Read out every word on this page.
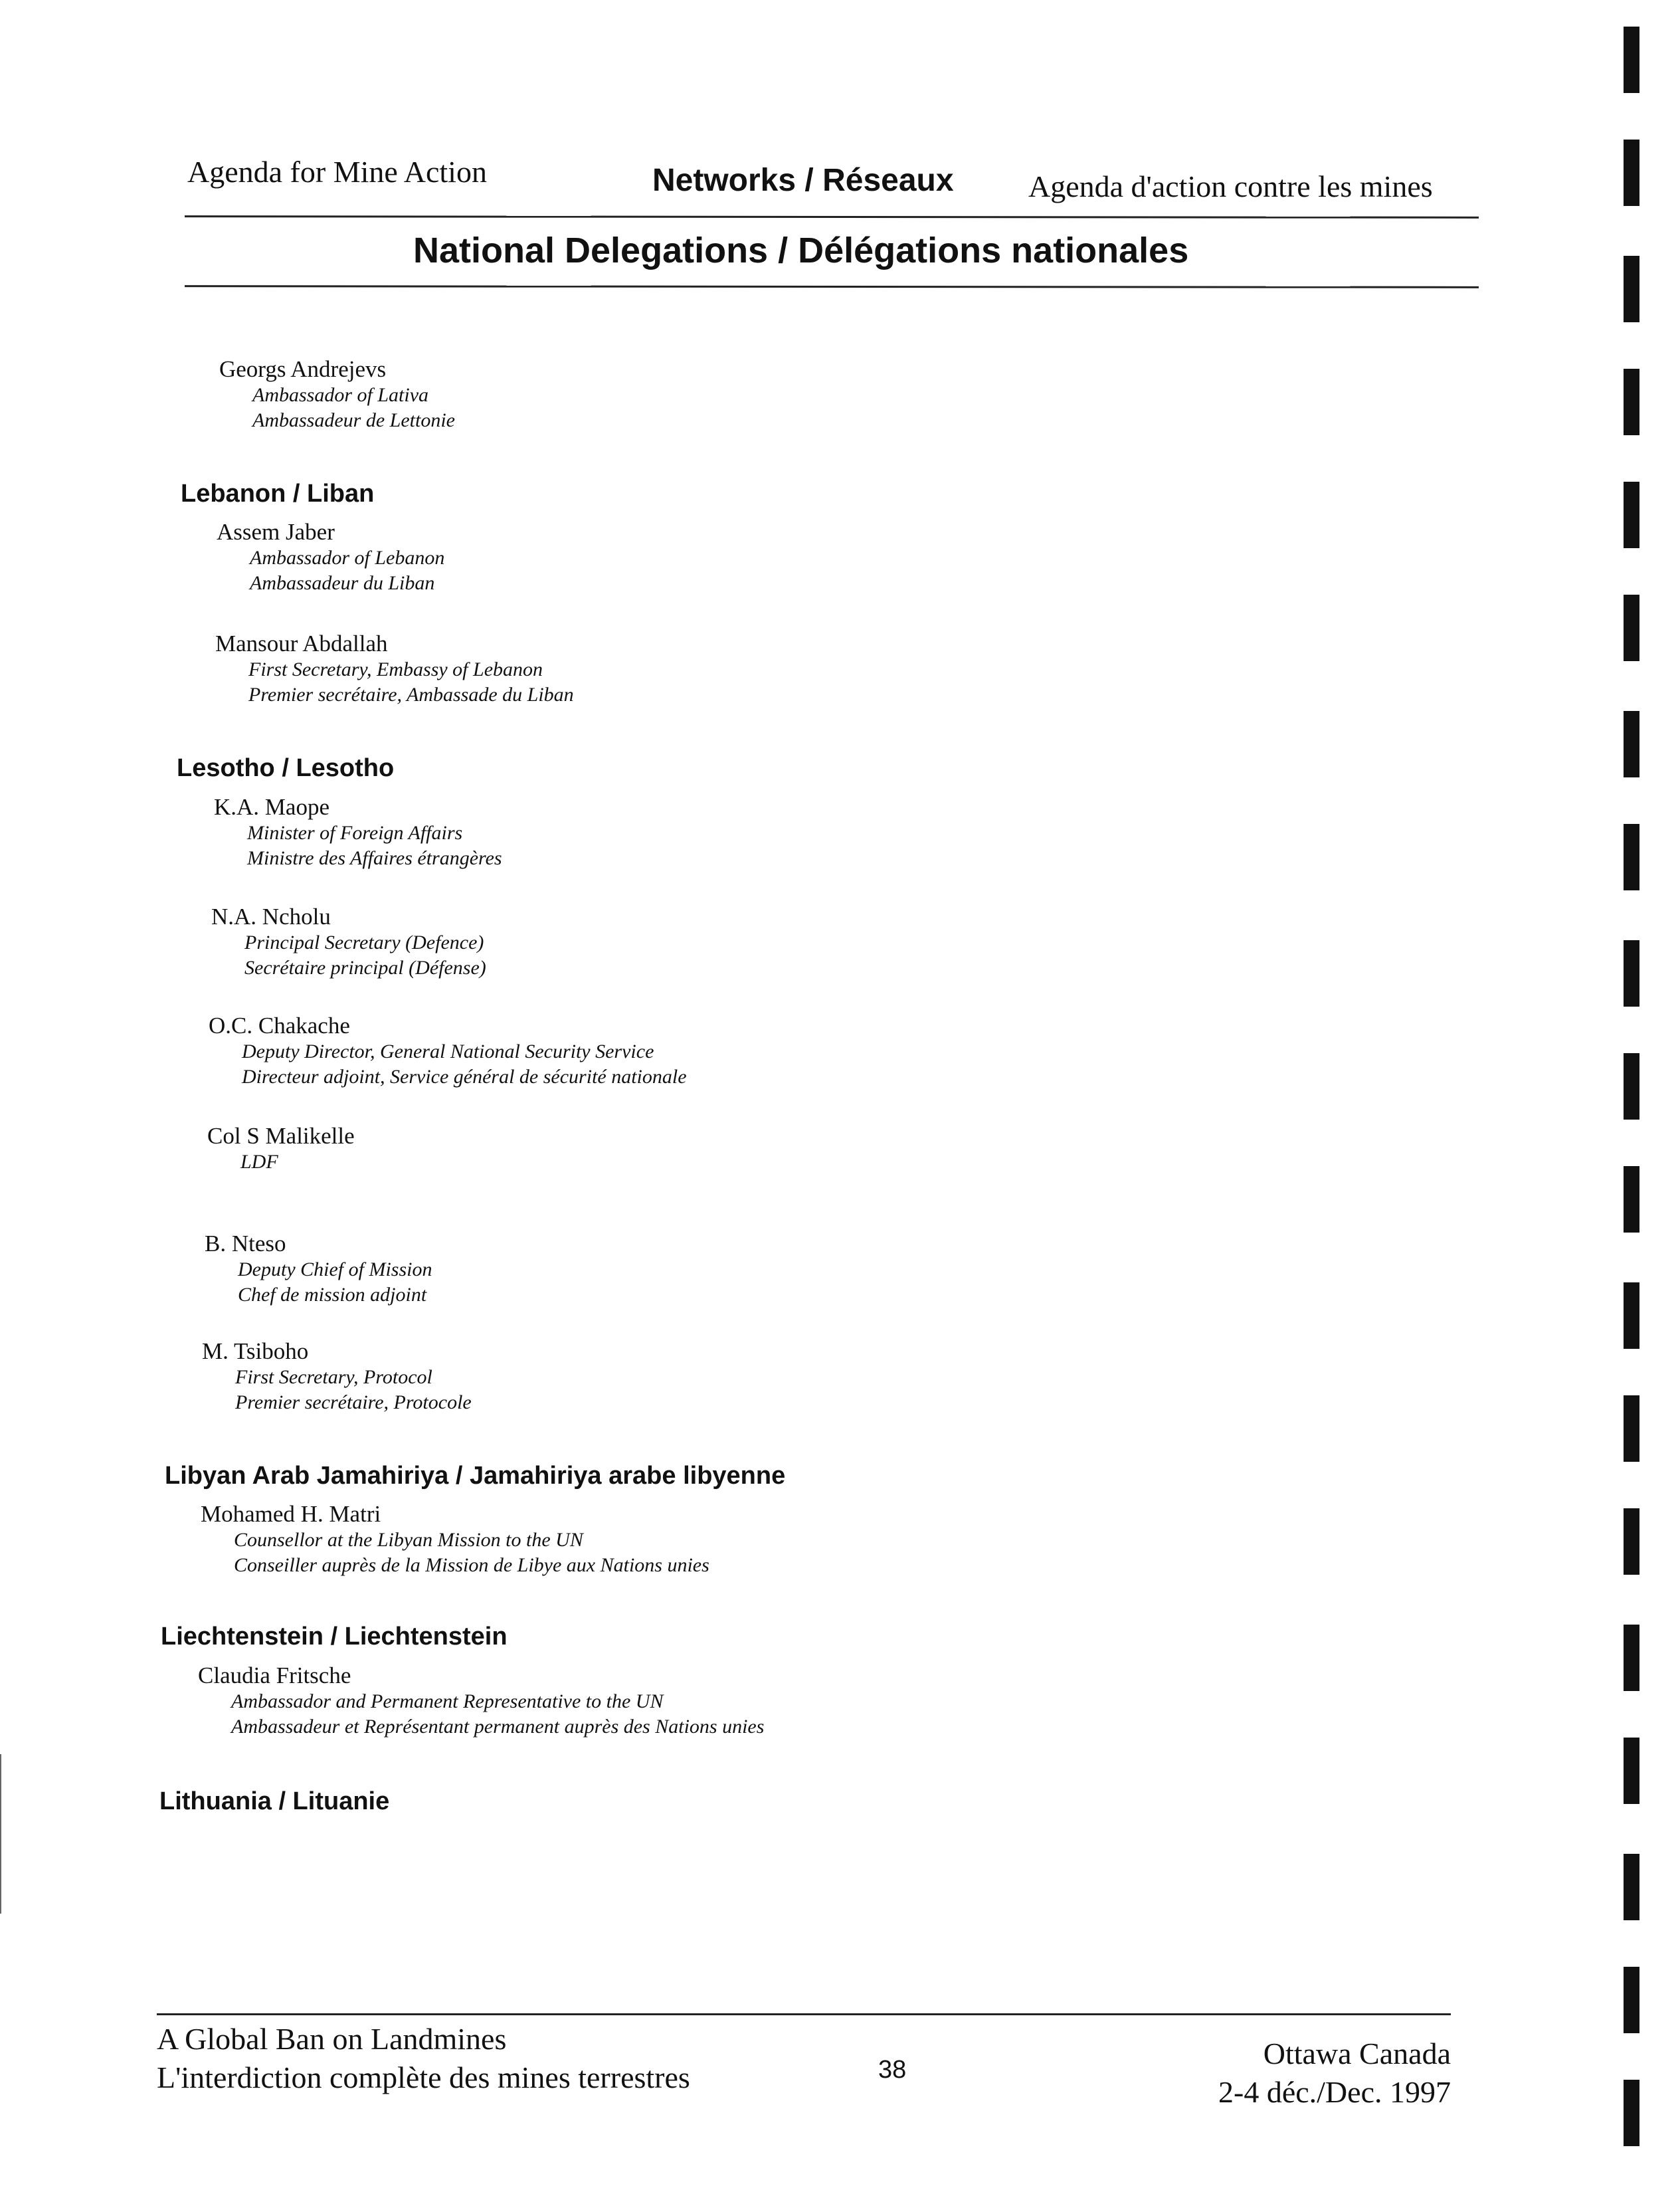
Agenda for Mine Action	Networks / Réseaux Agenda d'action contre les mines
National Delegations / Délégations nationales
Georgs Andrejevs
Ambassador of Lativa
Ambassadeur de Lettonie
Lebanon / Liban
Assem Jaber
Ambassador of Lebanon
Ambassadeur du Liban
Mansour Abdallah
First Secretary, Embassy of Lebanon
Premier secrétaire, Ambassade du Liban
Lesotho / Lesotho
K.A. Maope
Minister of Foreign Affairs
Ministre des Affaires étrangères
N.A. Ncholu
Principal Secretary (Defence)
Secrétaire principal (Défense)
O.C. Chakache
Deputy Director, General National Security Service
Directeur adjoint, Service général de sécurité nationale
Col S Malikelle
LDF
B. Nteso
Deputy Chief of Mission
Chef de mission adjoint
M. Tsiboho
First Secretary, Protocol
Premier secrétaire, Protocole
Libyan Arab Jamahiriya / Jamahiriya arabe libyenne
Mohamed H. Matri
Counsellor at the Libyan Mission to the UN
Conseiller auprès de la Mission de Libye aux Nations unies
Liechtenstein / Liechtenstein
Claudia Fritsche
Ambassador and Permanent Representative to the UN
Ambassadeur et Représentant permanent auprès des Nations unies
Lithuania / Lituanie
A Global Ban on Landmines
L'interdiction complète des mines terrestres	38	Ottawa Canada
2-4 déc./Dec. 1997
